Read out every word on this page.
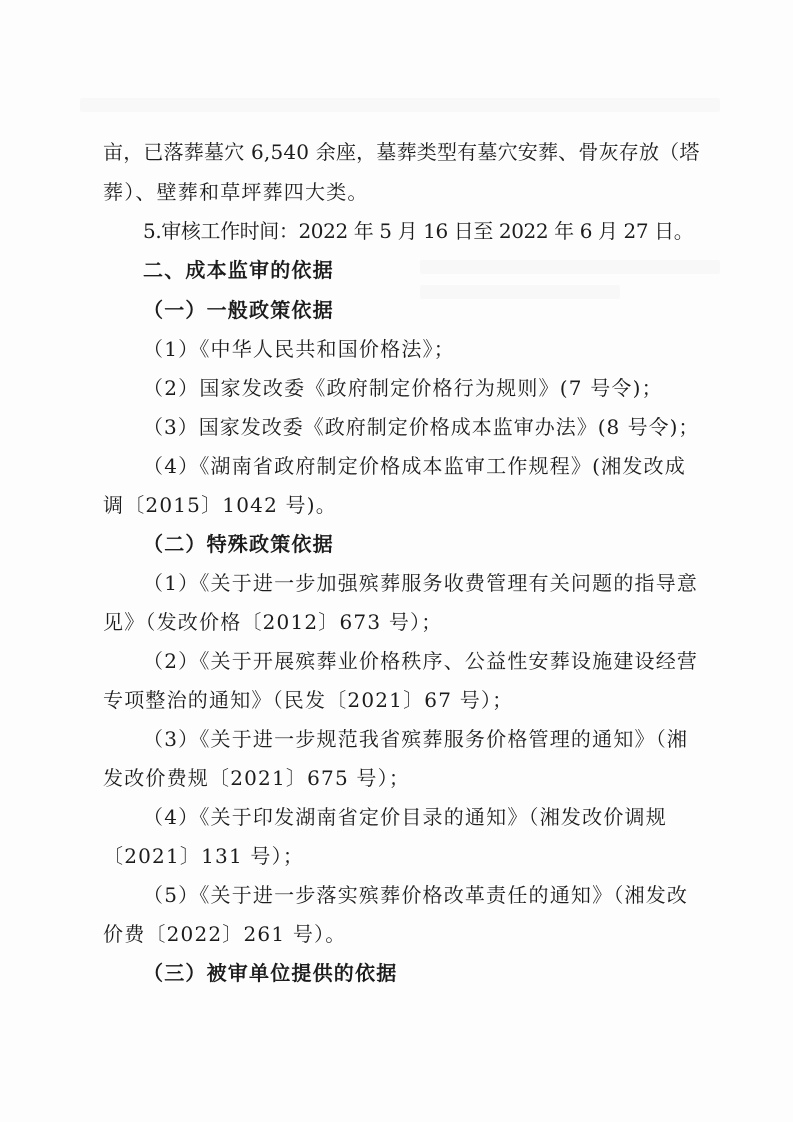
亩，已落葬墓穴 6,540 余座，墓葬类型有墓穴安葬、骨灰存放（塔
葬）、壁葬和草坪葬四大类。
5.审核工作时间：2022 年 5 月 16 日至 2022 年 6 月 27 日。
二、成本监审的依据
（一）一般政策依据
（1）《中华人民共和国价格法》；
（2）国家发改委《政府制定价格行为规则》(7 号令)；
（3）国家发改委《政府制定价格成本监审办法》(8 号令)；
（4）《湖南省政府制定价格成本监审工作规程》(湘发改成
调〔2015〕1042 号)。
（二）特殊政策依据
（1）《关于进一步加强殡葬服务收费管理有关问题的指导意
见》（发改价格〔2012〕673 号）；
（2）《关于开展殡葬业价格秩序、公益性安葬设施建设经营
专项整治的通知》（民发〔2021〕67 号）；
（3）《关于进一步规范我省殡葬服务价格管理的通知》（湘
发改价费规〔2021〕675 号）；
（4）《关于印发湖南省定价目录的通知》（湘发改价调规
〔2021〕131 号）；
（5）《关于进一步落实殡葬价格改革责任的通知》（湘发改
价费〔2022〕261 号）。
（三）被审单位提供的依据
